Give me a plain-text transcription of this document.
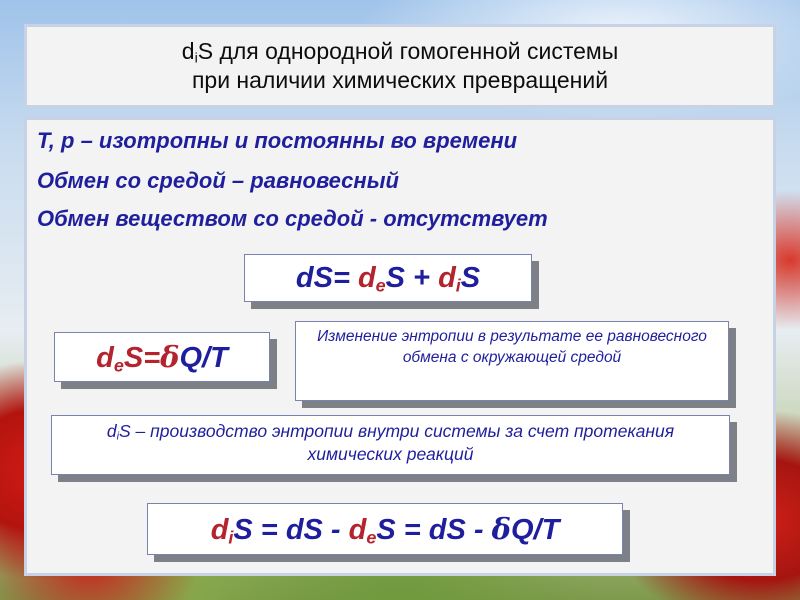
$d_iS$ для однородной гомогенной системы
при наличии химических превращений
T, p – изотропны и постоянны во времени
Обмен со средой – равновесный
Обмен веществом со средой - отсутствует
$dS= d_eS + d_iS$
$d_eS=\delta Q/T$
Изменение энтропии в результате ее равновесного обмена с окружающей средой
$d_iS$ – производство энтропии внутри системы за счет протекания химических реакций
$d_iS$ = dS - $d_eS$ = dS - δQ/T
